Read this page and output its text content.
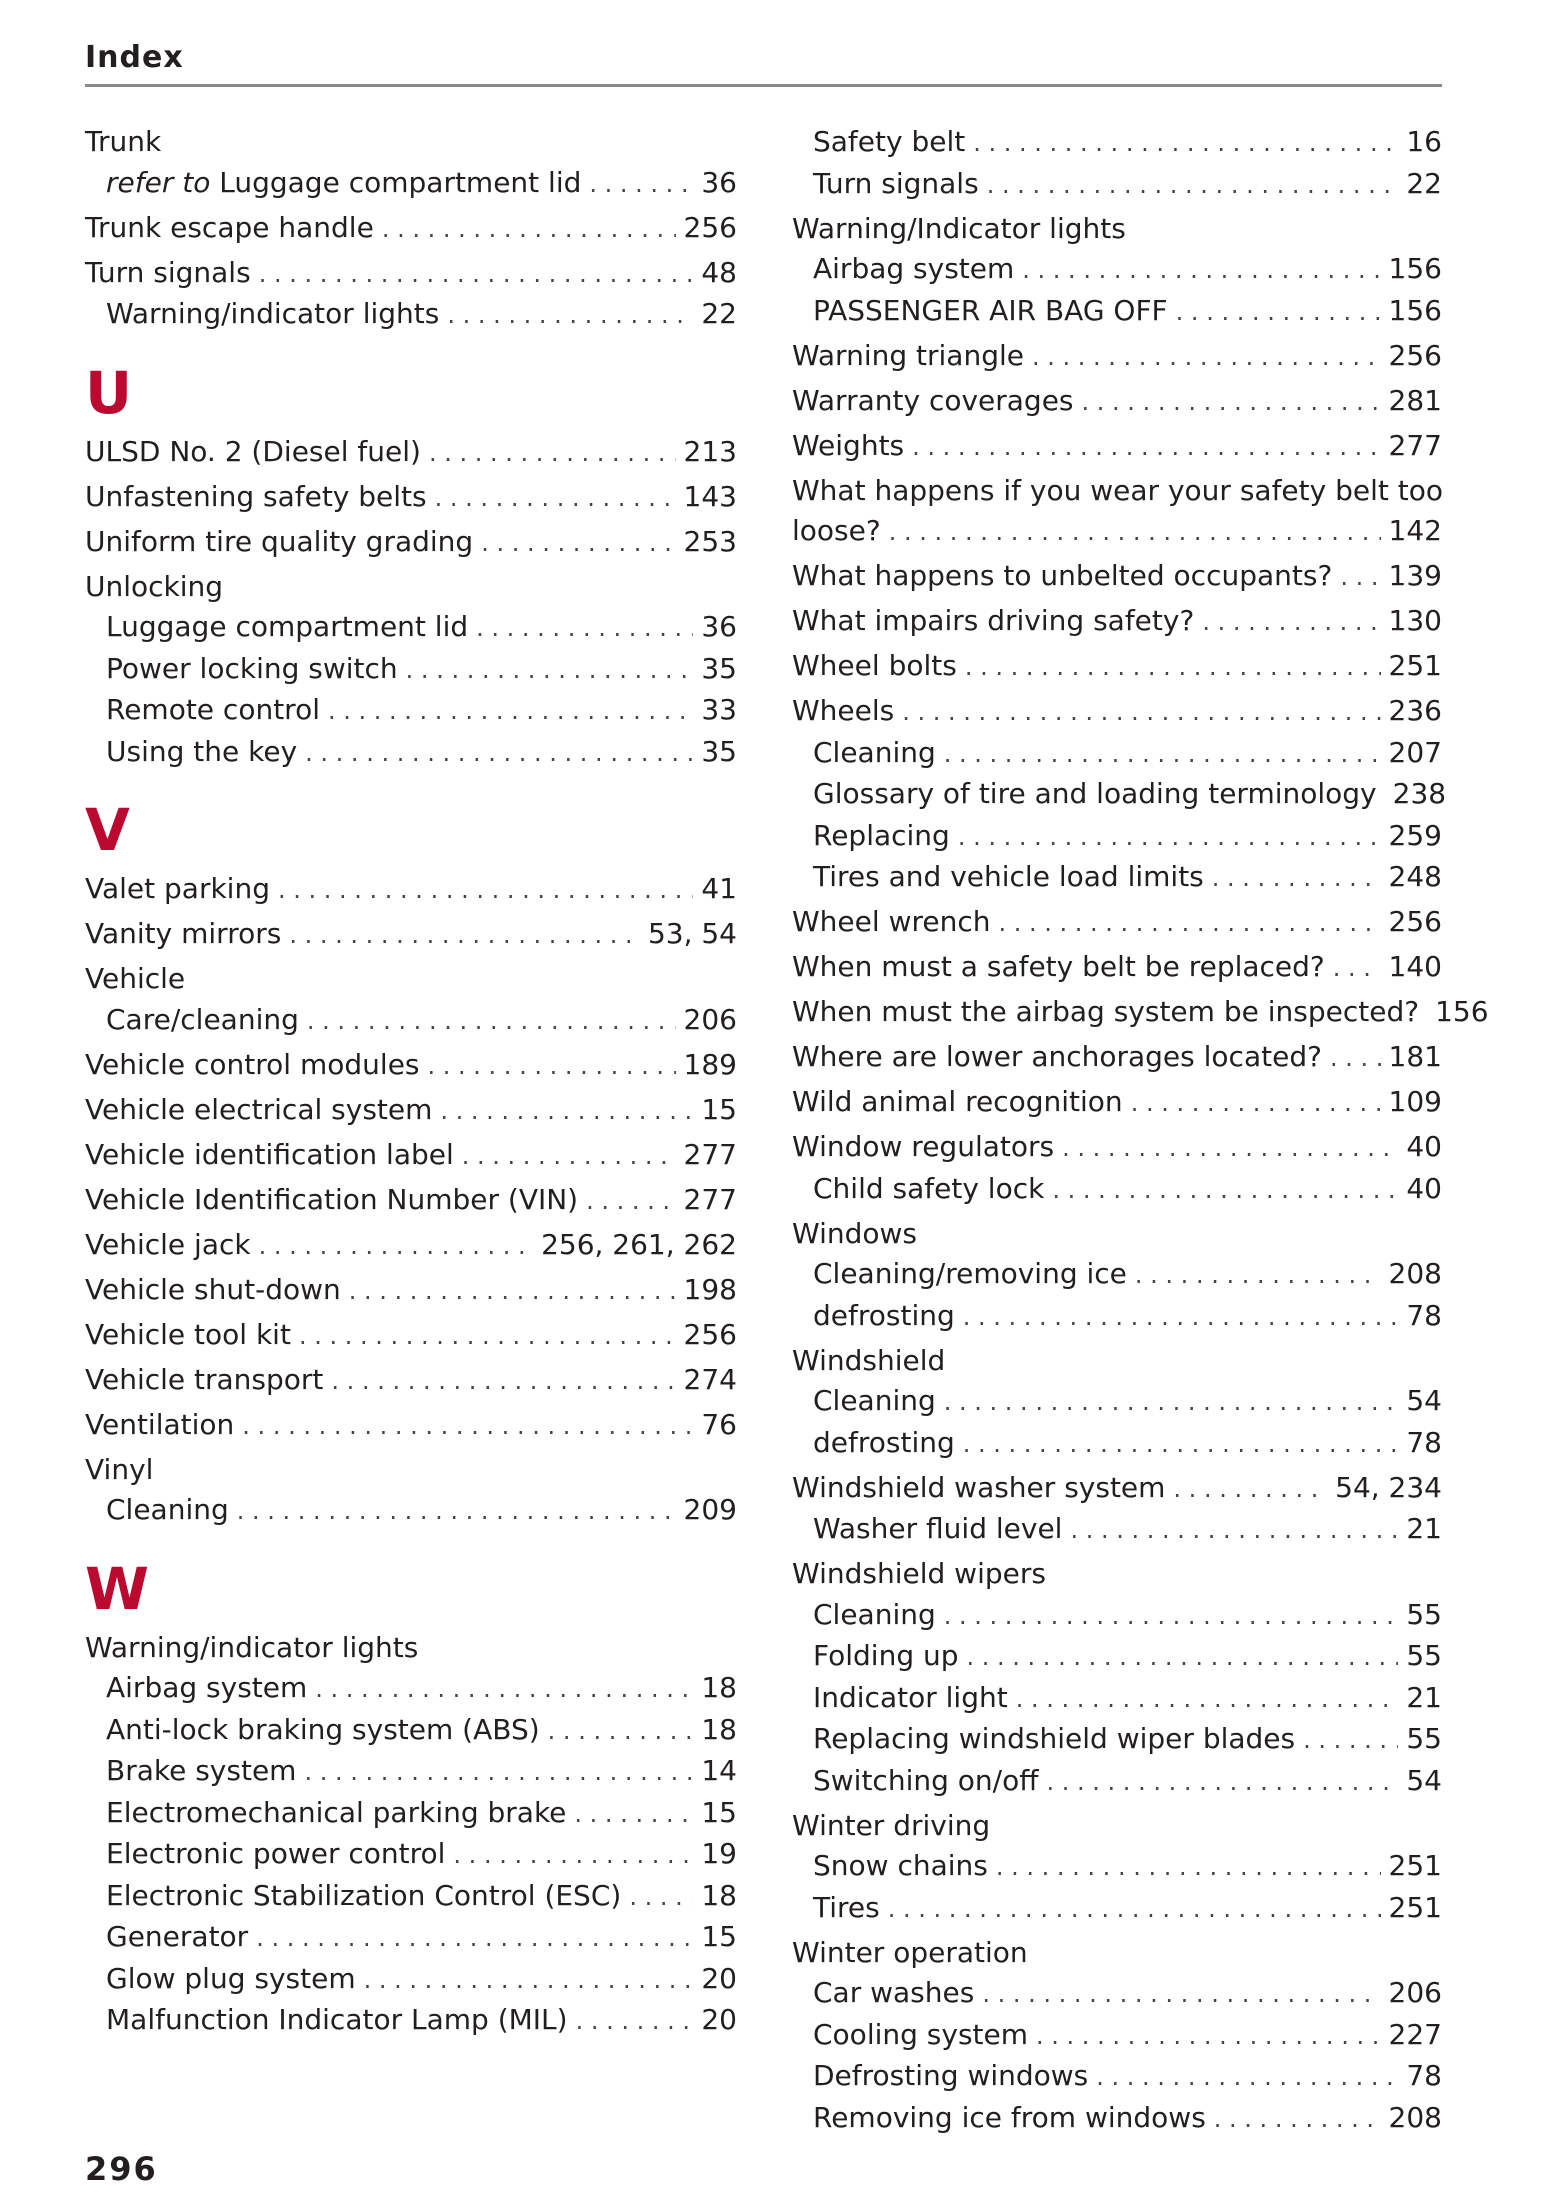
Index
Trunk
refer to Luggage compartment lid . . .	36
Trunk escape handle . . .	256
Turn signals . . .	48
Warning/indicator lights . . .	22
U
ULSD No. 2 (Diesel fuel) . . .	213
Unfastening safety belts . . .	143
Uniform tire quality grading . . .	253
Unlocking
Luggage compartment lid . . .	36
Power locking switch . . .	35
Remote control . . .	33
Using the key . . .	35
V
Valet parking . . .	41
Vanity mirrors . . .	53, 54
Vehicle
Care/cleaning . . .	206
Vehicle control modules . . .	189
Vehicle electrical system . . .	15
Vehicle identification label . . .	277
Vehicle Identification Number (VIN) . . .	277
Vehicle jack . . .	256, 261, 262
Vehicle shut-down . . .	198
Vehicle tool kit . . .	256
Vehicle transport . . .	274
Ventilation . . .	76
Vinyl
Cleaning . . .	209
W
Warning/indicator lights
Airbag system . . .	18
Anti-lock braking system (ABS) . . .	18
Brake system . . .	14
Electromechanical parking brake . . .	15
Electronic power control . . .	19
Electronic Stabilization Control (ESC) . . .	18
Generator . . .	15
Glow plug system . . .	20
Malfunction Indicator Lamp (MIL) . . .	20
Safety belt . . .	16
Turn signals . . .	22
Warning/Indicator lights
Airbag system . . .	156
PASSENGER AIR BAG OFF . . .	156
Warning triangle . . .	256
Warranty coverages . . .	281
Weights . . .	277
What happens if you wear your safety belt too
loose? . . .	142
What happens to unbelted occupants? . . . 139
What impairs driving safety? . . .	130
Wheel bolts . . .	251
Wheels . . .	236
Cleaning . . .	207
Glossary of tire and loading terminology 238
Replacing . . .	259
Tires and vehicle load limits . . .	248
Wheel wrench . . .	256
When must a safety belt be replaced? . . . 140
When must the airbag system be inspected? 156
Where are lower anchorages located? . . . 181
Wild animal recognition . . .	109
Window regulators . . .	40
Child safety lock . . .	40
Windows
Cleaning/removing ice . . .	208
defrosting . . .	78
Windshield
Cleaning . . .	54
defrosting . . .	78
Windshield washer system . . .	54, 234
Washer fluid level . . .	21
Windshield wipers
Cleaning . . .	55
Folding up . . .	55
Indicator light . . .	21
Replacing windshield wiper blades . . .	55
Switching on/off . . .	54
Winter driving
Snow chains . . .	251
Tires . . .	251
Winter operation
Car washes . . .	206
Cooling system . . .	227
Defrosting windows . . .	78
Removing ice from windows . . .	208
296
